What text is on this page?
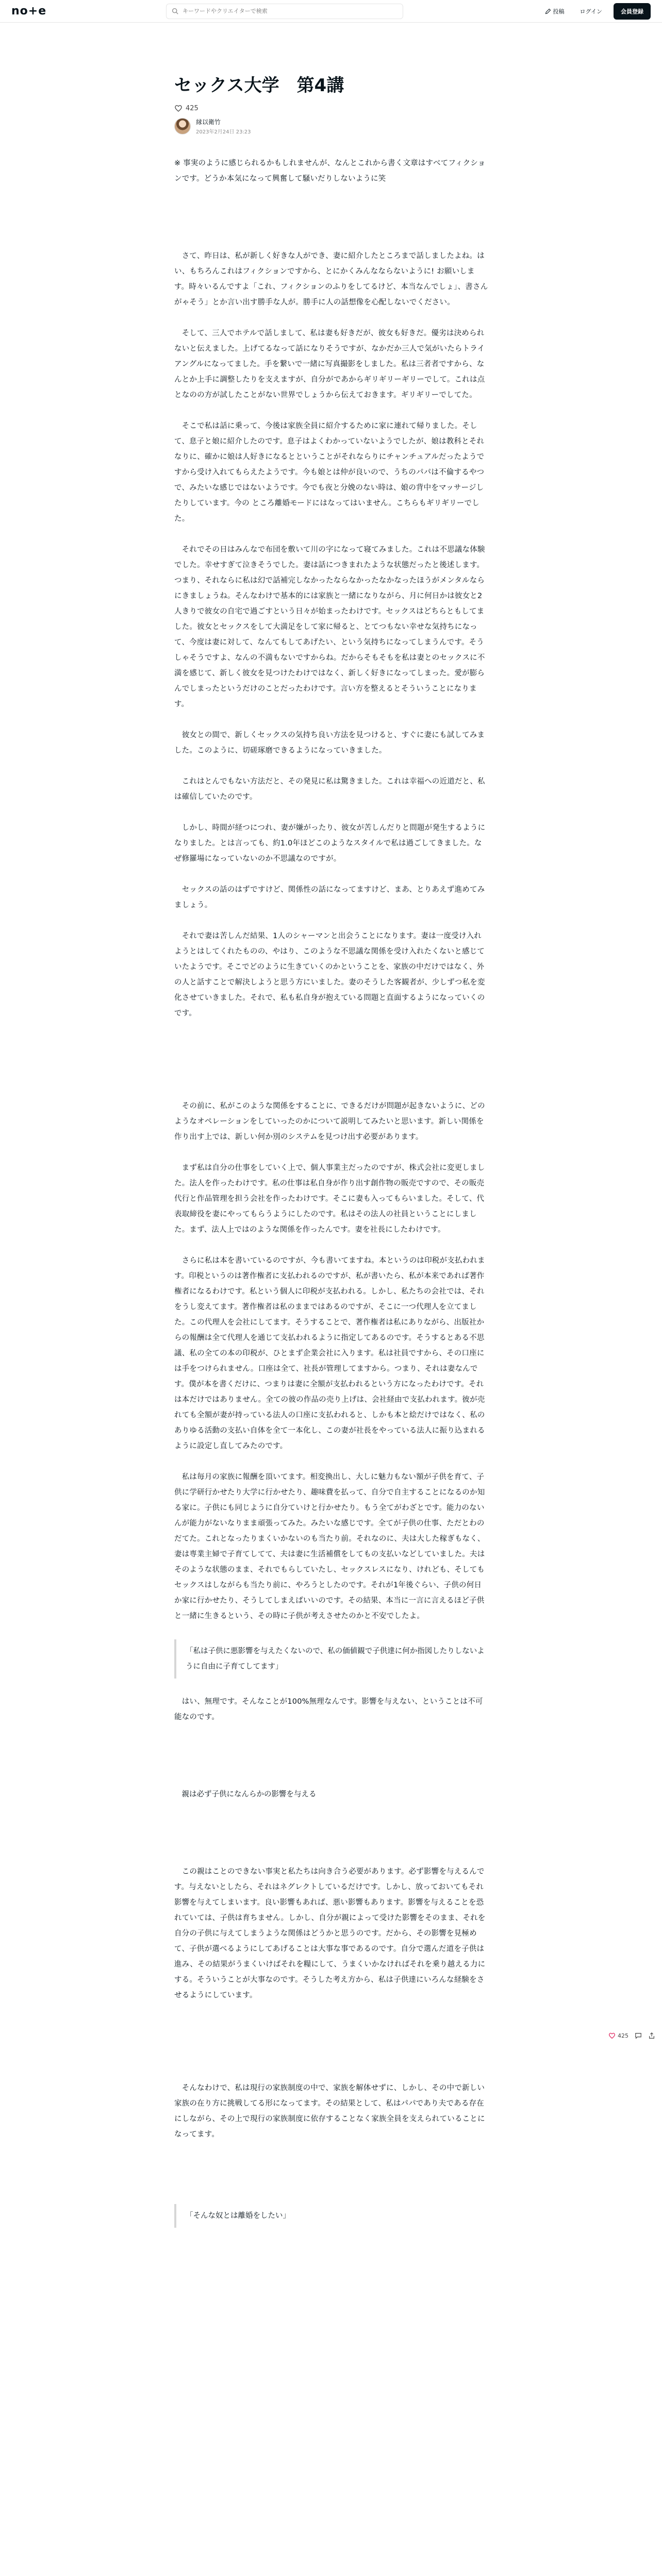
no+e
キーワードやクリエイターで検索	投稿	ログイン	会員登録
セックス大学　第4講
425
縁以衛竹
2023年2月24日 23:23

※ 事実のように感じられるかもしれませんが、なんとこれから書く文章はすべてフィクションです。どうか本気になって興奮して騒いだりしないように笑

　さて、昨日は、私が新しく好きな人ができ、妻に紹介したところまで話しましたよね。はい、もちろんこれはフィクションですから、とにかくみんなならないように! お願いします。時々いるんですよ「これ、フィクションのふりをしてるけど、本当なんでしょ」、書さんがゃそう」とか言い出す勝手な人が。勝手に人の話想像を心配しないでください。

　そして、三人でホテルで話しまして、私は妻も好きだが、彼女も好きだ。優劣は決められないと伝えました。上げてるなって話になりそうですが、なかだか三人で気がいたらトライアングルになってました。手を繋いで一緒に写真撮影をしました。私は三者者ですから、なんとか上手に調整したりを支えますが、自分がであからギリギリーギリーでして。これは点となのの方が試したことがない世界でしょうから伝えておきます。ギリギリーでしてた。

　そこで私は話に乗って、今後は家族全員に紹介するために家に連れて帰りました。そして、息子と娘に紹介したのです。息子はよくわかっていないようでしたが、娘は教科とそれなりに、確かに娘は人好きになるとということがそれならりにチャンチュアルだったようですから受け入れてもらえたようです。今も娘とは仲が良いので、うちのパパは不倫するやつで、みたいな感じではないようです。今でも夜と分娩のない時は、娘の背中をマッサージしたりしています。今の ところ離婚モードにはなってはいません。こちらもギリギリーでした。

　それでその日はみんなで布団を敷いて川の字になって寝てみました。これは不思議な体験でした。幸せすぎて泣きそうでした。妻は話につきまれたような状態だったと後述します。つまり、それならに私は幻で話補完しなかったならなかったなかなったほうがメンタルならにきましょうね。そんなわけで基本的には家族と一緒になりながら、月に何日かは彼女と2人きりで彼女の自宅で過ごすという日々が始まったわけです。セックスはどちらともしてました。彼女とセックスをして大満足をして家に帰ると、とてつもない幸せな気持ちになって、今度は妻に対して、なんてもしてあげたい、という気持ちになってしまうんです。そうしゃそうですよ、なんの不満もないですからね。だからそもそもを私は妻とのセックスに不満を感じて、新しく彼女を見つけたわけではなく、新しく好きになってしまった。愛が膨らんでしまったというだけのことだったわけです。言い方を整えるとそういうことになります。

　彼女との間で、新しくセックスの気持ち良い方法を見つけると、すぐに妻にも試してみました。このように、切磋琢磨できるようになっていきました。

　これはとんでもない方法だと、その発見に私は驚きました。これは幸福への近道だと、私は確信していたのです。

　しかし、時間が経つにつれ、妻が嫌がったり、彼女が苦しんだりと問題が発生するようになりました。とは言っても、約1.0年ほどこのようなスタイルで私は過ごしてきました。なぜ修羅場になっていないのか不思議なのですが。

　セックスの話のはずですけど、関係性の話になってますけど、まあ、とりあえず進めてみましょう。

　それで妻は苦しんだ結果、1人のシャーマンと出会うことになります。妻は一度受け入れようとはしてくれたものの、やはり、このような不思議な関係を受け入れたくないと感じていたようです。そこでどのように生きていくのかということを、家族の中だけではなく、外の人と話すことで解決しようと思う方にいました。妻のそうした客観者が、少しずつ私を変化させていきました。それで、私も私自身が抱えている問題と直面するようになっていくのです。

　その前に、私がこのような関係をすることに、できるだけが問題が起きないように、どのようなオペレーションをしていったのかについて説明してみたいと思います。新しい関係を作り出す上では、新しい何か別のシステムを見つけ出す必要があります。

　まず私は自分の仕事をしていく上で、個人事業主だったのですが、株式会社に変更しました。法人を作ったわけです。私の仕事は私自身が作り出す創作物の販売ですので、その販売代行と作品管理を担う会社を作ったわけです。そこに妻も入ってもらいました。そして、代表取締役を妻にやってもらうようにしたのです。私はその法人の社員ということにしました。まず、法人上ではのような関係を作ったんです。妻を社長にしたわけです。

　さらに私は本を書いているのですが、今も書いてますね。本というのは印税が支払われます。印税というのは著作権者に支払われるのですが、私が書いたら、私が本来であれば著作権者になるわけです。私という個人に印税が支払われる。しかし、私たちの会社では、それをうし変えてます。著作権者は私のままではあるのですが、そこに一つ代理人を立てました。この代理人を会社にしてます。そうすることで、著作権者は私にありながら、出版社からの報酬は全て代理人を通じて支払われるように指定してあるのです。そうするとある不思議、私の全ての本の印税が、ひとまず企業会社に入ります。私は社員ですから、その口座には手をつけられません。口座は全て、社長が管理してますから。つまり、それは妻なんです。僕が本を書くだけに、つまりは妻に全額が支払われるという方になったわけです。それは本だけではありません。全ての彼の作品の売り上げは、会社経由で支払われます。彼が売れても全額が妻が持っている法人の口座に支払われると、しかも本と絵だけではなく、私のありゆる活動の支払い自体を全て一本化し、この妻が社長をやっている法人に振り込まれるように設定し直してみたのです。

　私は毎月の家族に報酬を頂いてます。相変換出し、大しに魅力もない額が子供を育て、子供に学研行かせたり大学に行かせたり、趣味費を払って、自分で自主することになるのか知る家に。子供にも同じように自分ていけと行かせたり。もう全てがわざとです。能力のないんが能力がないなりまま頑張ってみた。みたいな感じです。全てが子供の仕事、ただとわのだてた。これとなったりまくいかないのも当たり前。それなのに、夫は大した稼ぎもなく、妻は専業主婦で子育てしてて、夫は妻に生活補償をしてもの支払いなどしていました。夫はそのような状態のまま、それでもらしていたし、セックスレスになり、けれども、そしてもセックスはしながらも当たり前に、やろうとしたのです。それが1年後ぐらい、子供の何日か家に行かせたり、そうしてしまえばいいのです。その結果、本当に一言に言えるほど子供と一緒に生きるという、その時に子供が考えさせたのかと不安でしたよ。

「私は子供に悪影響を与えたくないので、私の価値観で子供達に何か指図したりしないように自由に子育てしてます」

　はい、無理です。そんなことが100%無理なんです。影響を与えない、ということは不可能なのです。

　親は必ず子供になんらかの影響を与える

　この親はことのできない事実と私たちは向き合う必要があります。必ず影響を与えるんです。与えないとしたら、それはネグレクトしているだけです。しかし、放っておいてもそれ影響を与えてしまいます。良い影響もあれば、悪い影響もあります。影響を与えることを恐れていては、子供は育ちません。しかし、自分が親によって受けた影響をそのまま、それを自分の子供に与えてしまうような関係はどうかと思うのです。だから、その影響を見極めて、子供が選べるようにしてあげることは大事な事であるのです。自分で選んだ道を子供は進み、その結果がうまくいけばそれを糧にして、うまくいかなければそれを乗り越える力にする。そういうことが大事なのです。そうした考え方から、私は子供達にいろんな経験をさせるようにしています。

　そんなわけで、私は現行の家族制度の中で、家族を解体せずに、しかし、その中で新しい家族の在り方に挑戦してる形になってます。その結果として、私はパパであり夫である存在にしながら、その上で現行の家族制度に依存することなく家族全員を支えられていることになってます。

「そんな奴とは離婚をしたい」
425
